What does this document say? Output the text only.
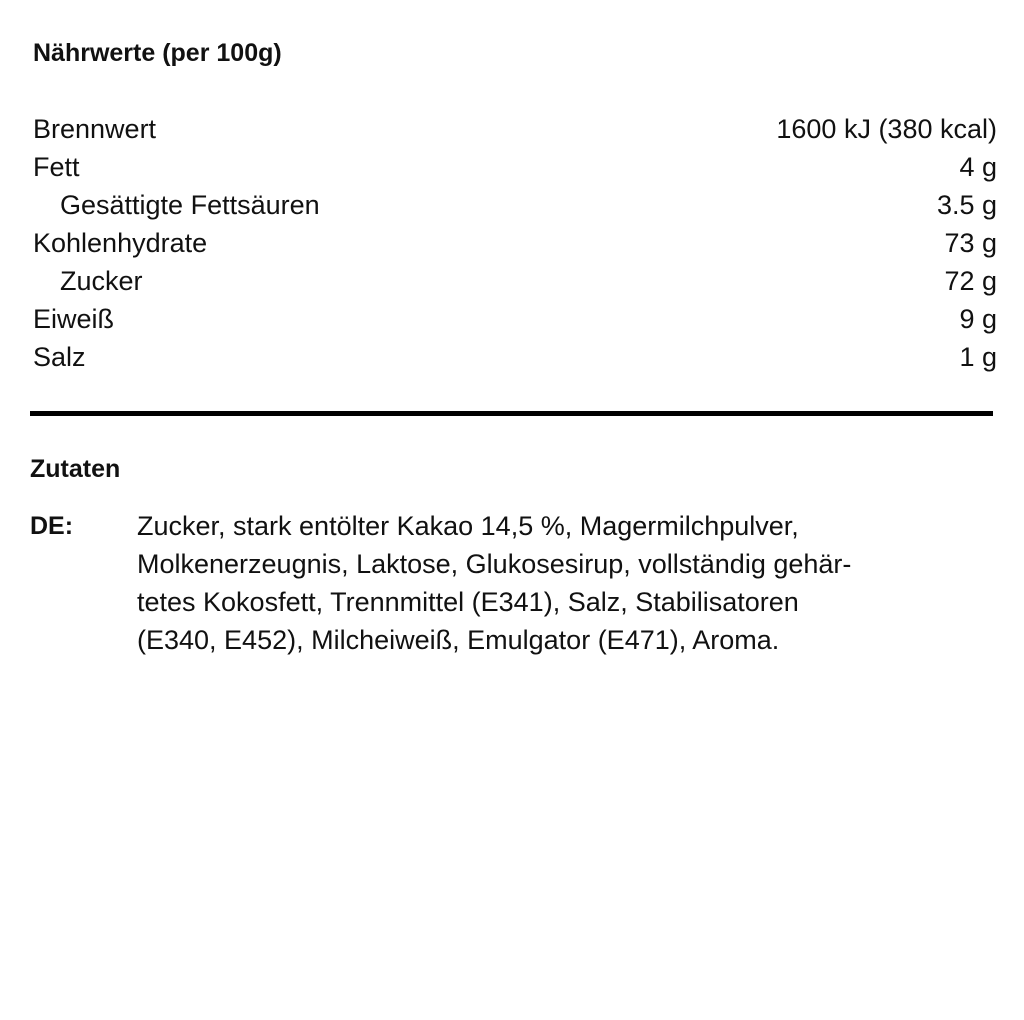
Nährwerte (per 100g)
Brennwert	1600 kJ (380 kcal)
Fett	4 g
Gesättigte Fettsäuren	3.5 g
Kohlenhydrate	73 g
Zucker	72 g
Eiweiß	9 g
Salz	1 g
Zutaten
DE:	Zucker, stark entölter Kakao 14,5 %, Magermilchpulver,
Molkenerzeugnis, Laktose, Glukosesirup, vollständig gehär-
tetes Kokosfett, Trennmittel (E341), Salz, Stabilisatoren
(E340, E452), Milcheiweiß, Emulgator (E471), Aroma.
